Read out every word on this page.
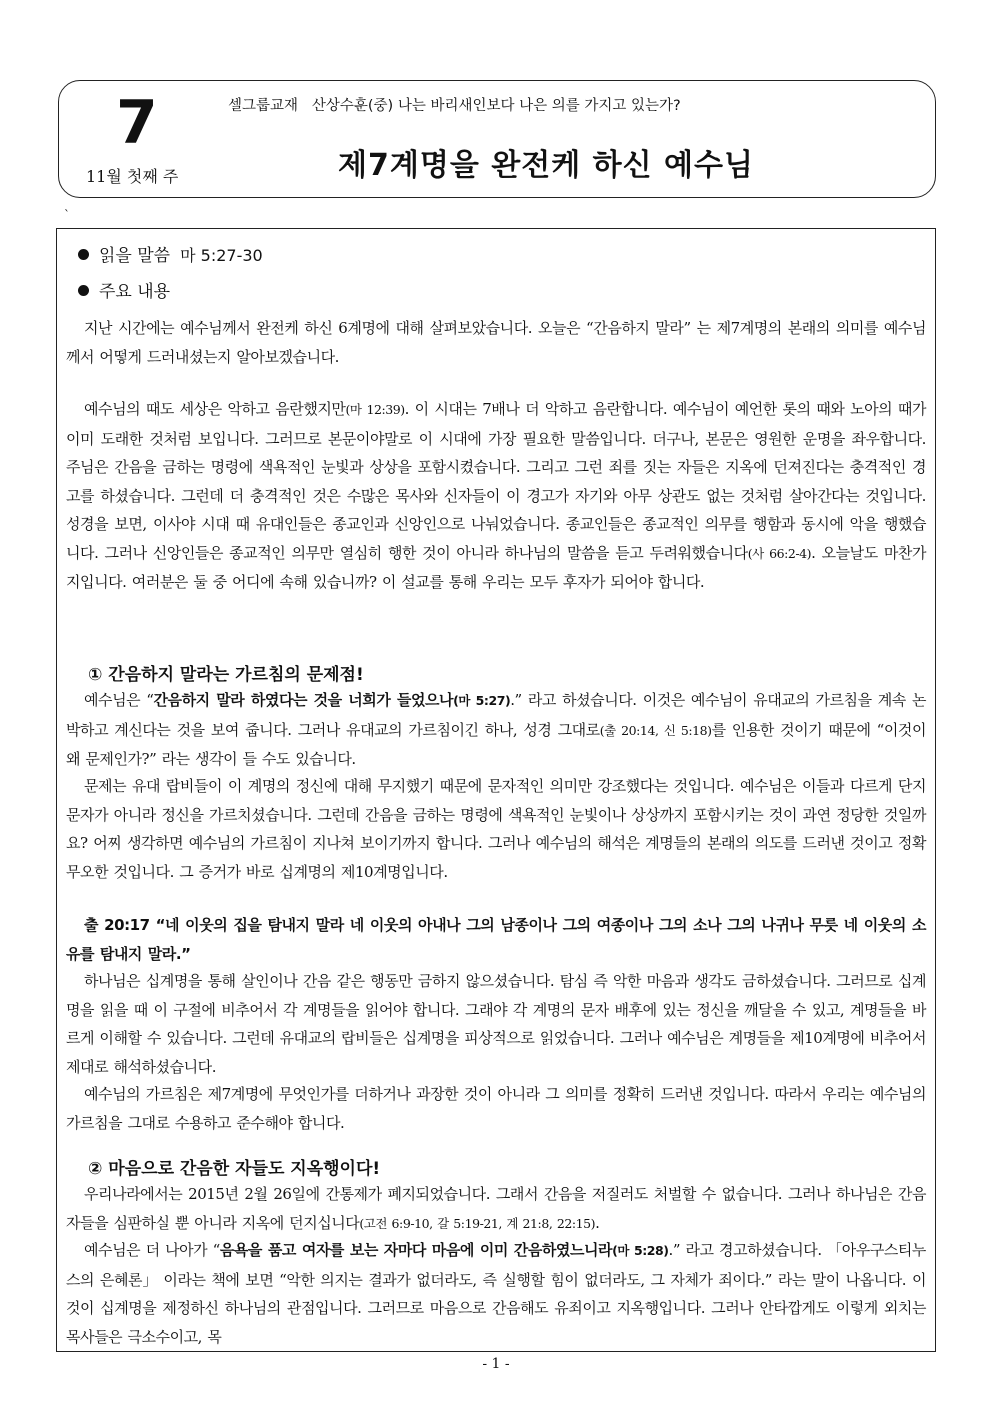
7
11월 첫째 주
셀그룹교재   산상수훈(중) 나는 바리새인보다 나은 의를 가지고 있는가?
제7계명을 완전케 하신 예수님
`
읽을 말씀 마 5:27-30
주요 내용

지난 시간에는 예수님께서 완전케 하신 6계명에 대해 살펴보았습니다. 오늘은 “간음하지 말라” 는 제7계명의 본래의 의미를 예수님께서 어떻게 드러내셨는지 알아보겠습니다.

예수님의 때도 세상은 악하고 음란했지만(마 12:39). 이 시대는 7배나 더 악하고 음란합니다. 예수님이 예언한 롯의 때와 노아의 때가 이미 도래한 것처럼 보입니다. 그러므로 본문이야말로 이 시대에 가장 필요한 말씀입니다. 더구나, 본문은 영원한 운명을 좌우합니다. 주님은 간음을 금하는 명령에 색욕적인 눈빛과 상상을 포함시켰습니다. 그리고 그런 죄를 짓는 자들은 지옥에 던져진다는 충격적인 경고를 하셨습니다. 그런데 더 충격적인 것은 수많은 목사와 신자들이 이 경고가 자기와 아무 상관도 없는 것처럼 살아간다는 것입니다. 성경을 보면, 이사야 시대 때 유대인들은 종교인과 신앙인으로 나눠었습니다. 종교인들은 종교적인 의무를 행함과 동시에 악을 행했습니다. 그러나 신앙인들은 종교적인 의무만 열심히 행한 것이 아니라 하나님의 말씀을 듣고 두려워했습니다(사 66:2-4). 오늘날도 마찬가지입니다. 여러분은 둘 중 어디에 속해 있습니까? 이 설교를 통해 우리는 모두 후자가 되어야 합니다.

① 간음하지 말라는 가르침의 문제점!

예수님은 “간음하지 말라 하였다는 것을 너희가 들었으나(마 5:27).” 라고 하셨습니다. 이것은 예수님이 유대교의 가르침을 계속 논박하고 계신다는 것을 보여 줍니다. 그러나 유대교의 가르침이긴 하나, 성경 그대로(출 20:14, 신 5:18)를 인용한 것이기 때문에 “이것이 왜 문제인가?” 라는 생각이 들 수도 있습니다.

문제는 유대 랍비들이 이 계명의 정신에 대해 무지했기 때문에 문자적인 의미만 강조했다는 것입니다. 예수님은 이들과 다르게 단지 문자가 아니라 정신을 가르치셨습니다. 그런데 간음을 금하는 명령에 색욕적인 눈빛이나 상상까지 포함시키는 것이 과연 정당한 것일까요? 어찌 생각하면 예수님의 가르침이 지나쳐 보이기까지 합니다. 그러나 예수님의 해석은 계명들의 본래의 의도를 드러낸 것이고 정확무오한 것입니다. 그 증거가 바로 십계명의 제10계명입니다.

출 20:17 “네 이웃의 집을 탐내지 말라 네 이웃의 아내나 그의 남종이나 그의 여종이나 그의 소나 그의 나귀나 무릇 네 이웃의 소유를 탐내지 말라.”

하나님은 십계명을 통해 살인이나 간음 같은 행동만 금하지 않으셨습니다. 탐심 즉 악한 마음과 생각도 금하셨습니다. 그러므로 십계명을 읽을 때 이 구절에 비추어서 각 계명들을 읽어야 합니다. 그래야 각 계명의 문자 배후에 있는 정신을 깨달을 수 있고, 계명들을 바르게 이해할 수 있습니다. 그런데 유대교의 랍비들은 십계명을 피상적으로 읽었습니다. 그러나 예수님은 계명들을 제10계명에 비추어서 제대로 해석하셨습니다.

예수님의 가르침은 제7계명에 무엇인가를 더하거나 과장한 것이 아니라 그 의미를 정확히 드러낸 것입니다. 따라서 우리는 예수님의 가르침을 그대로 수용하고 준수해야 합니다.

② 마음으로 간음한 자들도 지옥행이다!

우리나라에서는 2015년 2월 26일에 간통제가 폐지되었습니다. 그래서 간음을 저질러도 처벌할 수 없습니다. 그러나 하나님은 간음자들을 심판하실 뿐 아니라 지옥에 던지십니다(고전 6:9-10, 갈 5:19-21, 계 21:8, 22:15).

예수님은 더 나아가 “음욕을 품고 여자를 보는 자마다 마음에 이미 간음하였느니라(마 5:28).” 라고 경고하셨습니다. 「아우구스티누스의 은혜론」 이라는 책에 보면 “악한 의지는 결과가 없더라도, 즉 실행할 힘이 없더라도, 그 자체가 죄이다.” 라는 말이 나옵니다. 이것이 십계명을 제정하신 하나님의 관점입니다. 그러므로 마음으로 간음해도 유죄이고 지옥행입니다. 그러나 안타깝게도 이렇게 외치는 목사들은 극소수이고, 목

- 1 -
